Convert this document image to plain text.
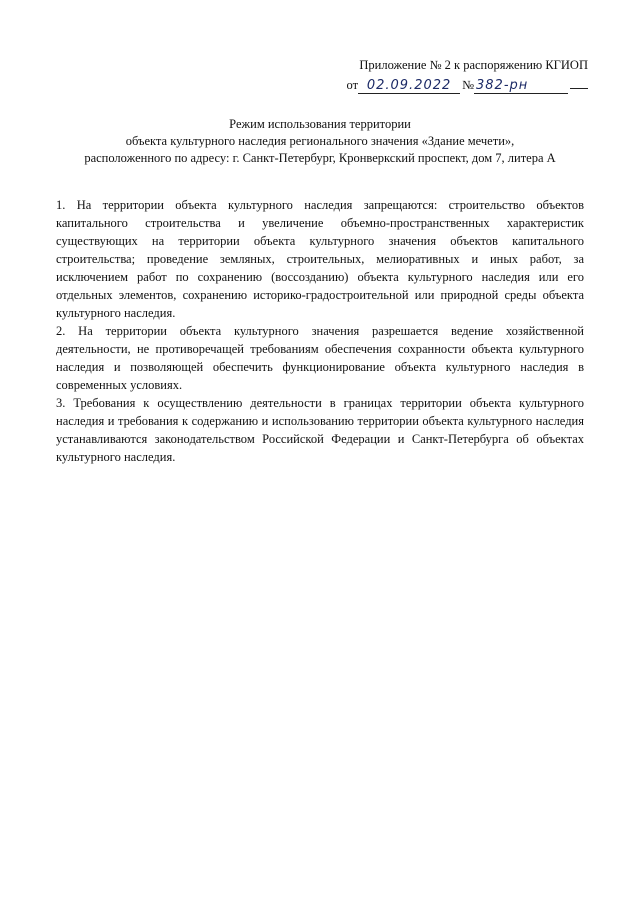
Приложение № 2 к распоряжению КГИОП
от 02.09.2022 № 382-рн
Режим использования территории
объекта культурного наследия регионального значения «Здание мечети»,
расположенного по адресу: г. Санкт-Петербург, Кронверкский проспект, дом 7, литера А

1. На территории объекта культурного наследия запрещаются: строительство объектов капитального строительства и увеличение объемно-пространственных характеристик существующих на территории объекта культурного значения объектов капитального строительства; проведение земляных, строительных, мелиоративных и иных работ, за исключением работ по сохранению (воссозданию) объекта культурного наследия или его отдельных элементов, сохранению историко-градостроительной или природной среды объекта культурного наследия.

2. На территории объекта культурного значения разрешается ведение хозяйственной деятельности, не противоречащей требованиям обеспечения сохранности объекта культурного наследия и позволяющей обеспечить функционирование объекта культурного наследия в современных условиях.

3. Требования к осуществлению деятельности в границах территории объекта культурного наследия и требования к содержанию и использованию территории объекта культурного наследия устанавливаются законодательством Российской Федерации и Санкт-Петербурга об объектах культурного наследия.
